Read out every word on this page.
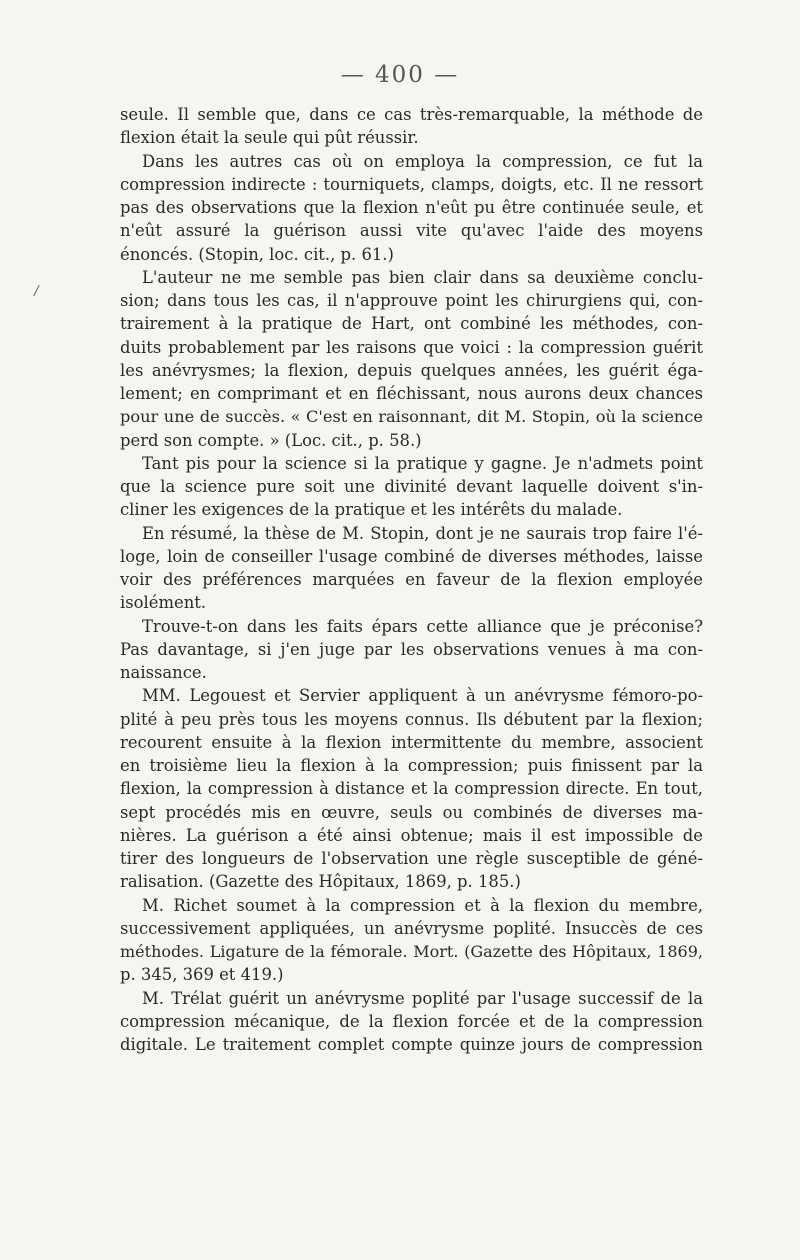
— 400 —
/
seule. Il semble que, dans ce cas très-remarquable, la méthode de
flexion était la seule qui pût réussir.
Dans les autres cas où on employa la compression, ce fut la
compression indirecte : tourniquets, clamps, doigts, etc. Il ne ressort
pas des observations que la flexion n'eût pu être continuée seule, et
n'eût assuré la guérison aussi vite qu'avec l'aide des moyens
énoncés. (Stopin, loc. cit., p. 61.)
L'auteur ne me semble pas bien clair dans sa deuxième conclu-
sion; dans tous les cas, il n'approuve point les chirurgiens qui, con-
trairement à la pratique de Hart, ont combiné les méthodes, con-
duits probablement par les raisons que voici : la compression guérit
les anévrysmes; la flexion, depuis quelques années, les guérit éga-
lement; en comprimant et en fléchissant, nous aurons deux chances
pour une de succès. « C'est en raisonnant, dit M. Stopin, où la science
perd son compte. » (Loc. cit., p. 58.)
Tant pis pour la science si la pratique y gagne. Je n'admets point
que la science pure soit une divinité devant laquelle doivent s'in-
cliner les exigences de la pratique et les intérêts du malade.
En résumé, la thèse de M. Stopin, dont je ne saurais trop faire l'é-
loge, loin de conseiller l'usage combiné de diverses méthodes, laisse
voir des préférences marquées en faveur de la flexion employée
isolément.
Trouve-t-on dans les faits épars cette alliance que je préconise?
Pas davantage, si j'en juge par les observations venues à ma con-
naissance.
MM. Legouest et Servier appliquent à un anévrysme fémoro-po-
plité à peu près tous les moyens connus. Ils débutent par la flexion;
recourent ensuite à la flexion intermittente du membre, associent
en troisième lieu la flexion à la compression; puis finissent par la
flexion, la compression à distance et la compression directe. En tout,
sept procédés mis en œuvre, seuls ou combinés de diverses ma-
nières. La guérison a été ainsi obtenue; mais il est impossible de
tirer des longueurs de l'observation une règle susceptible de géné-
ralisation. (Gazette des Hôpitaux, 1869, p. 185.)
M. Richet soumet à la compression et à la flexion du membre,
successivement appliquées, un anévrysme poplité. Insuccès de ces
méthodes. Ligature de la fémorale. Mort. (Gazette des Hôpitaux, 1869,
p. 345, 369 et 419.)
M. Trélat guérit un anévrysme poplité par l'usage successif de la
compression mécanique, de la flexion forcée et de la compression
digitale. Le traitement complet compte quinze jours de compression
